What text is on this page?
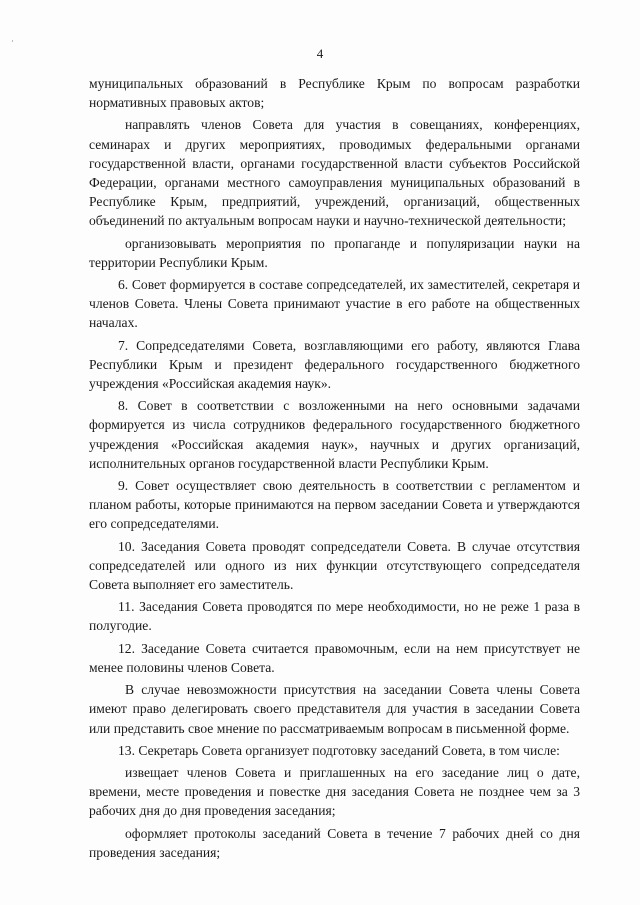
4

муниципальных образований в Республике Крым по вопросам разработки нормативных правовых актов;

направлять членов Совета для участия в совещаниях, конференциях, семинарах и других мероприятиях, проводимых федеральными органами государственной власти, органами государственной власти субъектов Российской Федерации, органами местного самоуправления муниципальных образований в Республике Крым, предприятий, учреждений, организаций, общественных объединений по актуальным вопросам науки и научно-технической деятельности;

организовывать мероприятия по пропаганде и популяризации науки на территории Республики Крым.

6. Совет формируется в составе сопредседателей, их заместителей, секретаря и членов Совета. Члены Совета принимают участие в его работе на общественных началах.

7. Сопредседателями Совета, возглавляющими его работу, являются Глава Республики Крым и президент федерального государственного бюджетного учреждения «Российская академия наук».

8. Совет в соответствии с возложенными на него основными задачами формируется из числа сотрудников федерального государственного бюджетного учреждения «Российская академия наук», научных и других организаций, исполнительных органов государственной власти Республики Крым.

9. Совет осуществляет свою деятельность в соответствии с регламентом и планом работы, которые принимаются на первом заседании Совета и утверждаются его сопредседателями.

10. Заседания Совета проводят сопредседатели Совета. В случае отсутствия сопредседателей или одного из них функции отсутствующего сопредседателя Совета выполняет его заместитель.

11. Заседания Совета проводятся по мере необходимости, но не реже 1 раза в полугодие.

12. Заседание Совета считается правомочным, если на нем присутствует не менее половины членов Совета.

В случае невозможности присутствия на заседании Совета члены Совета имеют право делегировать своего представителя для участия в заседании Совета или представить свое мнение по рассматриваемым вопросам в письменной форме.

13. Секретарь Совета организует подготовку заседаний Совета, в том числе:

извещает членов Совета и приглашенных на его заседание лиц о дате, времени, месте проведения и повестке дня заседания Совета не позднее чем за 3 рабочих дня до дня проведения заседания;

оформляет протоколы заседаний Совета в течение 7 рабочих дней со дня проведения заседания;
